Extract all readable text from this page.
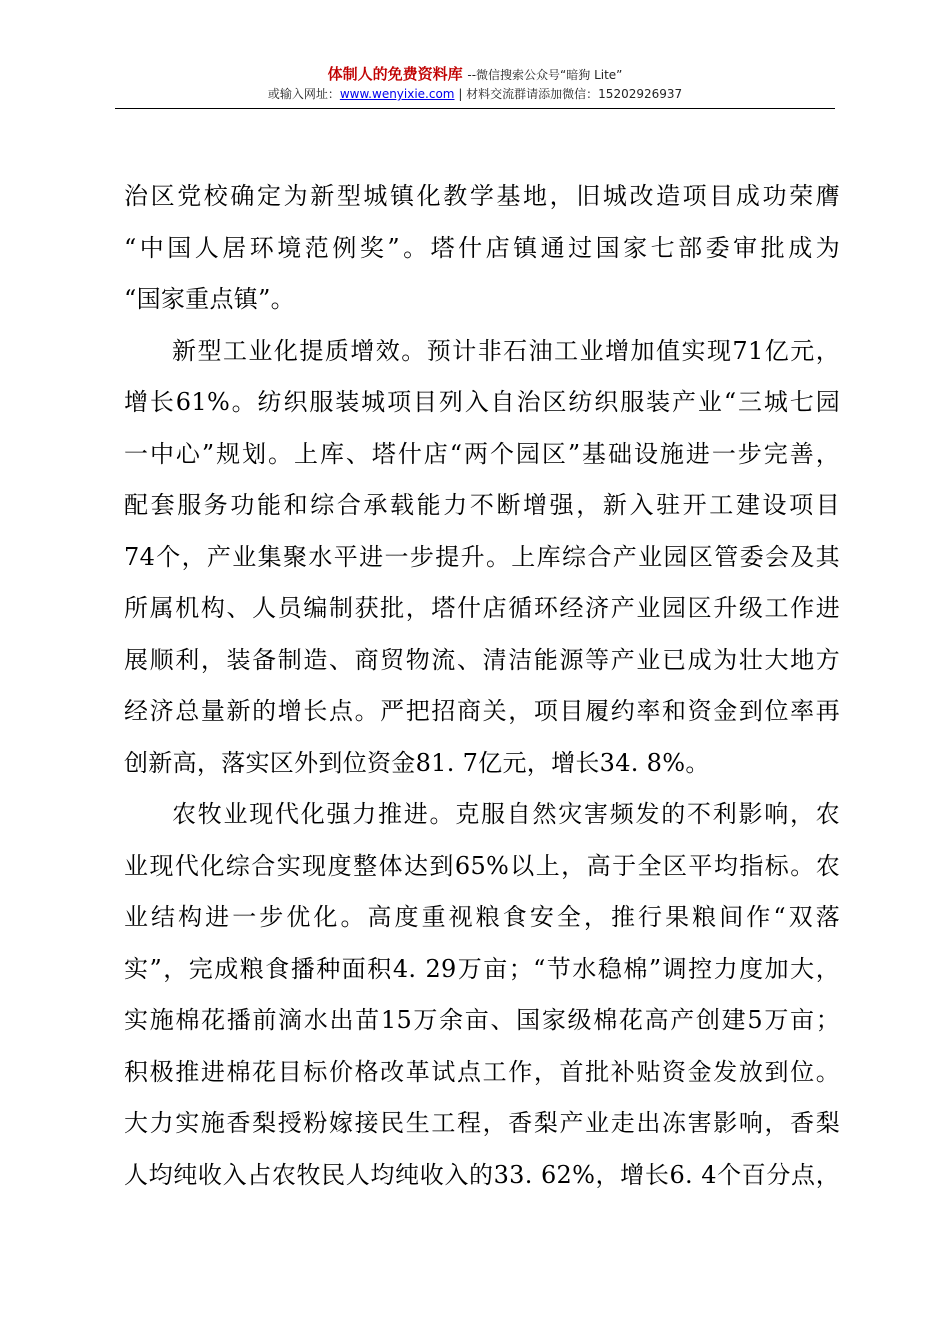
体制人的免费资料库 --微信搜索公众号“暗狗 Lite”
或输入网址：www.wenyixie.com | 材料交流群请添加微信：15202926937
治区党校确定为新型城镇化教学基地，旧城改造项目成功荣膺
“中国人居环境范例奖”。塔什店镇通过国家七部委审批成为
“国家重点镇”。
新型工业化提质增效。预计非石油工业增加值实现71亿元，
增长61%。纺织服装城项目列入自治区纺织服装产业“三城七园
一中心”规划。上库、塔什店“两个园区”基础设施进一步完善，
配套服务功能和综合承载能力不断增强，新入驻开工建设项目
74个，产业集聚水平进一步提升。上库综合产业园区管委会及其
所属机构、人员编制获批，塔什店循环经济产业园区升级工作进
展顺利，装备制造、商贸物流、清洁能源等产业已成为壮大地方
经济总量新的增长点。严把招商关，项目履约率和资金到位率再
创新高，落实区外到位资金81. 7亿元，增长34. 8%。
农牧业现代化强力推进。克服自然灾害频发的不利影响，农
业现代化综合实现度整体达到65%以上，高于全区平均指标。农
业结构进一步优化。高度重视粮食安全，推行果粮间作“双落
实”，完成粮食播种面积4. 29万亩；“节水稳棉”调控力度加大，
实施棉花播前滴水出苗15万余亩、国家级棉花高产创建5万亩；
积极推进棉花目标价格改革试点工作，首批补贴资金发放到位。
大力实施香梨授粉嫁接民生工程，香梨产业走出冻害影响，香梨
人均纯收入占农牧民人均纯收入的33. 62%，增长6. 4个百分点，
